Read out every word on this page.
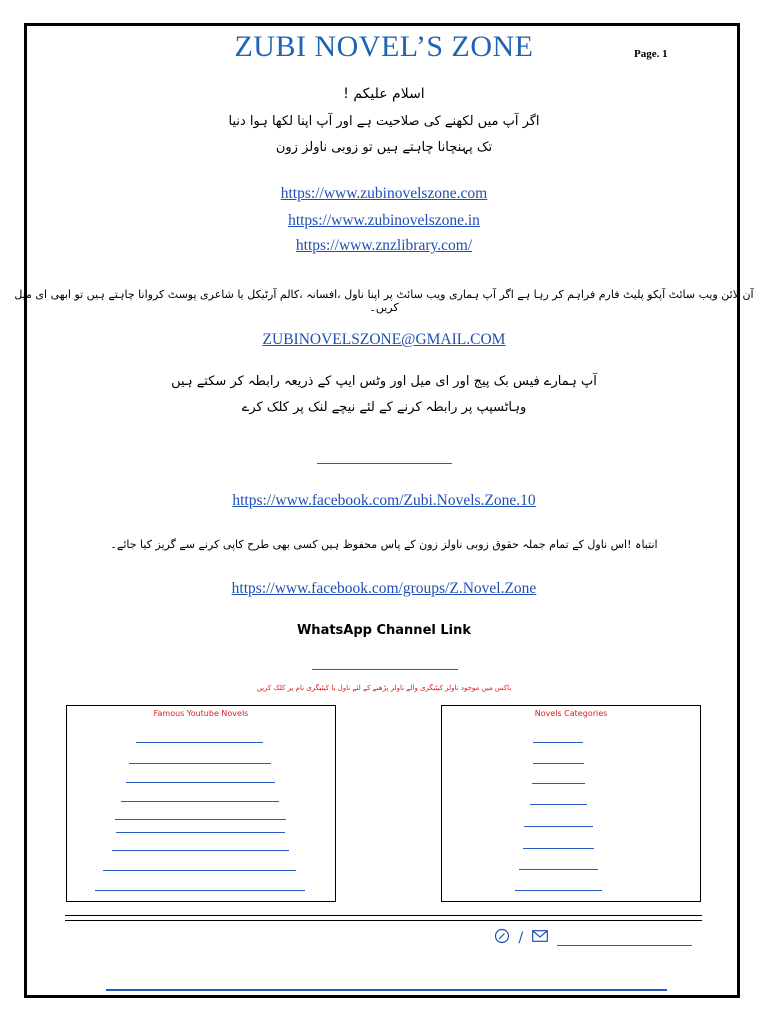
ZUBI NOVEL’S ZONE	Page. 1
اسلام علیکم !
اگر آپ میں لکھنے کی صلاحیت ہے اور آپ اپنا لکھا ہوا دنیا
تک پہنچانا چاہتے ہیں تو زوبی ناولز زون
https://www.zubinovelszone.com
https://www.zubinovelszone.in
https://www.znzlibrary.com/
آن لائن ویب سائٹ آپکو پلیٹ فارم فراہم کر رہا ہے اگر آپ ہماری ویب سائٹ پر اپنا ناول ،افسانہ ،کالم آرٹیکل یا شاعری پوسٹ کروانا چاہتے ہیں تو ابھی ای میل کریں۔
ZUBINOVELSZONE@GMAIL.COM
آپ ہمارے فیس بک پیج اور ای میل اور وٹس ایپ کے ذریعہ رابطہ کر سکتے ہیں
وہاٹسپپ پر رابطہ کرنے کے لئے نیچے لنک پر کلک کرے
https://www.facebook.com/Zubi.Novels.Zone.10
انتباہ !اس ناول کے تمام جملہ حقوق زوبی ناولز زون کے پاس محفوظ ہیں کسی بھی طرح کاپی کرنے سے گریز کیا جائے۔
https://www.facebook.com/groups/Z.Novel.Zone
WhatsApp Channel Link
باکس میں موجود ناولز کیٹیگری والے ناولز پڑھنے کے لئے ناول یا کیٹیگری نام پر کلک کریں
Famous Youtube Novels	Novels Categories
/
